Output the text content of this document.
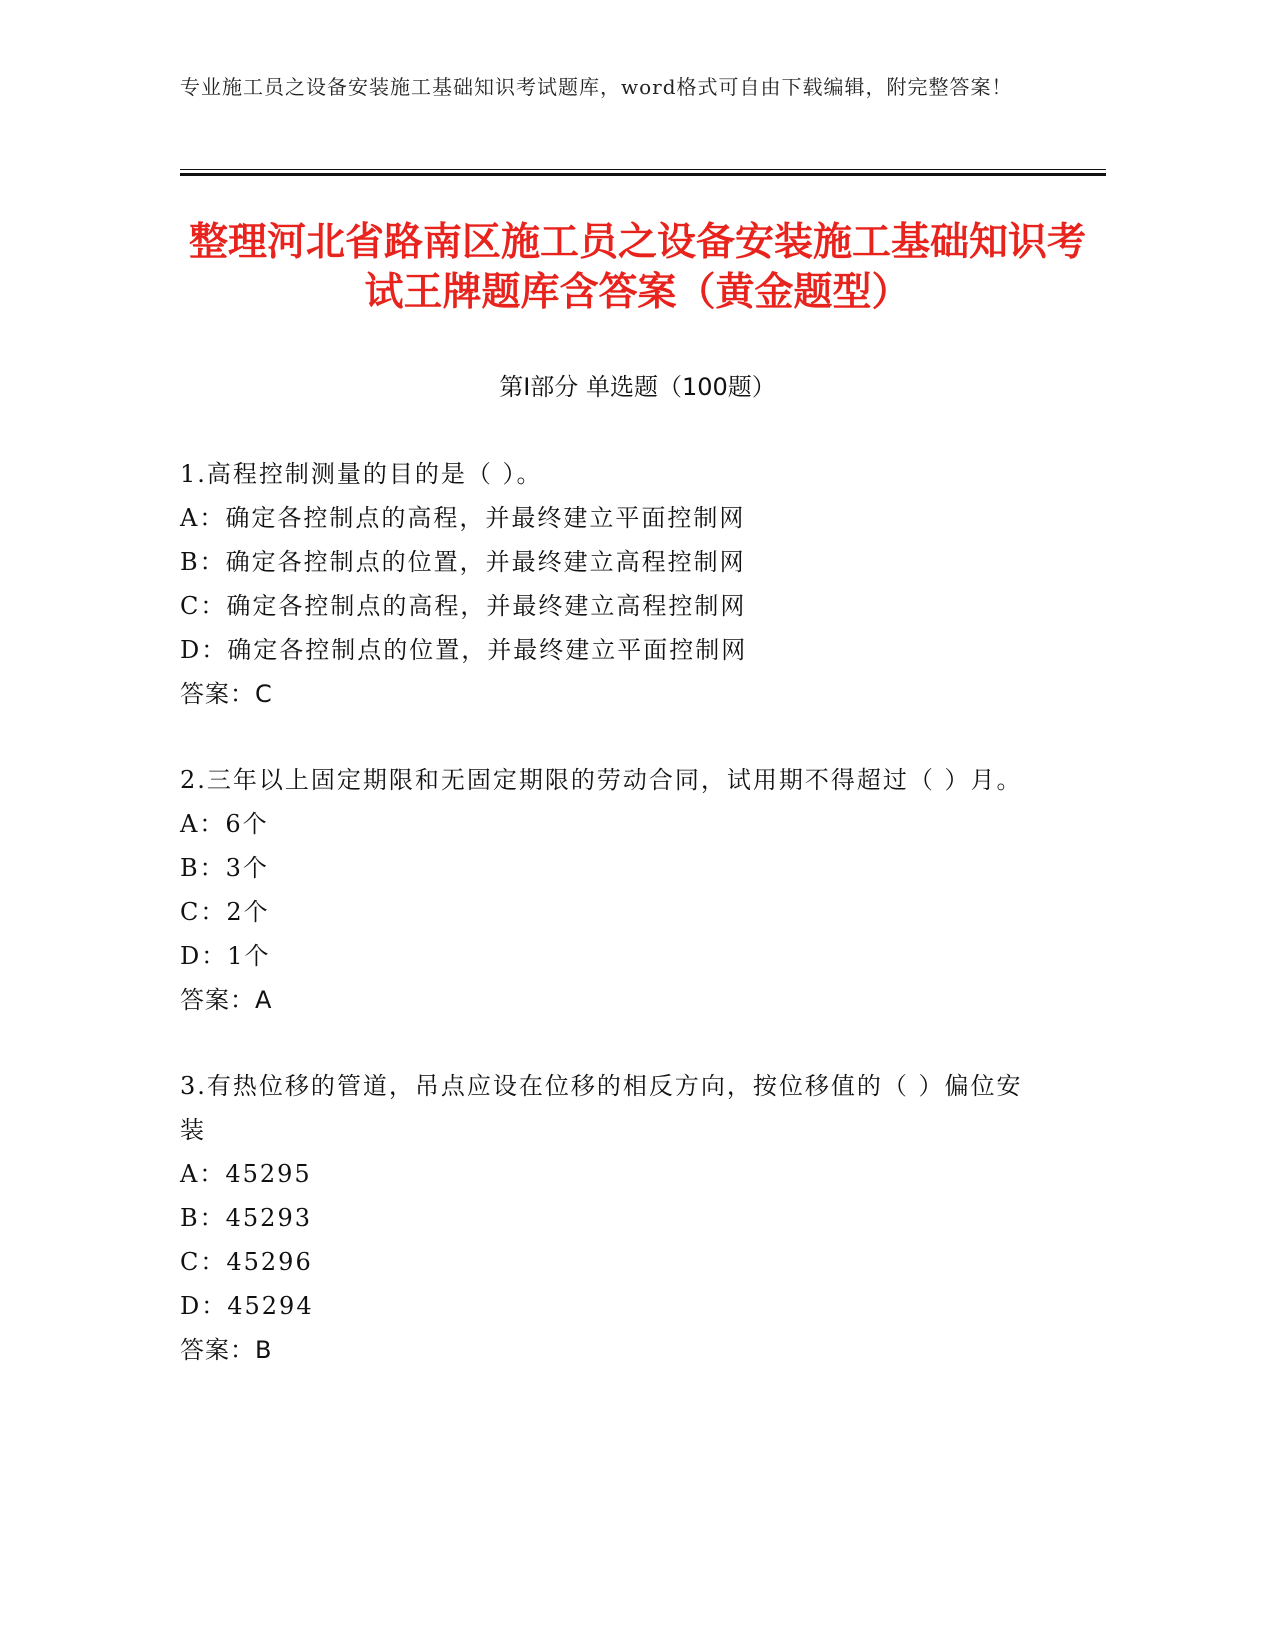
专业施工员之设备安装施工基础知识考试题库，word格式可自由下载编辑，附完整答案！
整理河北省路南区施工员之设备安装施工基础知识考试王牌题库含答案（黄金题型）
第Ⅰ部分 单选题（100题）
1.高程控制测量的目的是（ ）。
A：确定各控制点的高程，并最终建立平面控制网
B：确定各控制点的位置，并最终建立高程控制网
C：确定各控制点的高程，并最终建立高程控制网
D：确定各控制点的位置，并最终建立平面控制网
答案：C
2.三年以上固定期限和无固定期限的劳动合同，试用期不得超过（ ）月。
A：6个
B：3个
C：2个
D：1个
答案：A
3.有热位移的管道，吊点应设在位移的相反方向，按位移值的（ ）偏位安装
A：45295
B：45293
C：45296
D：45294
答案：B
